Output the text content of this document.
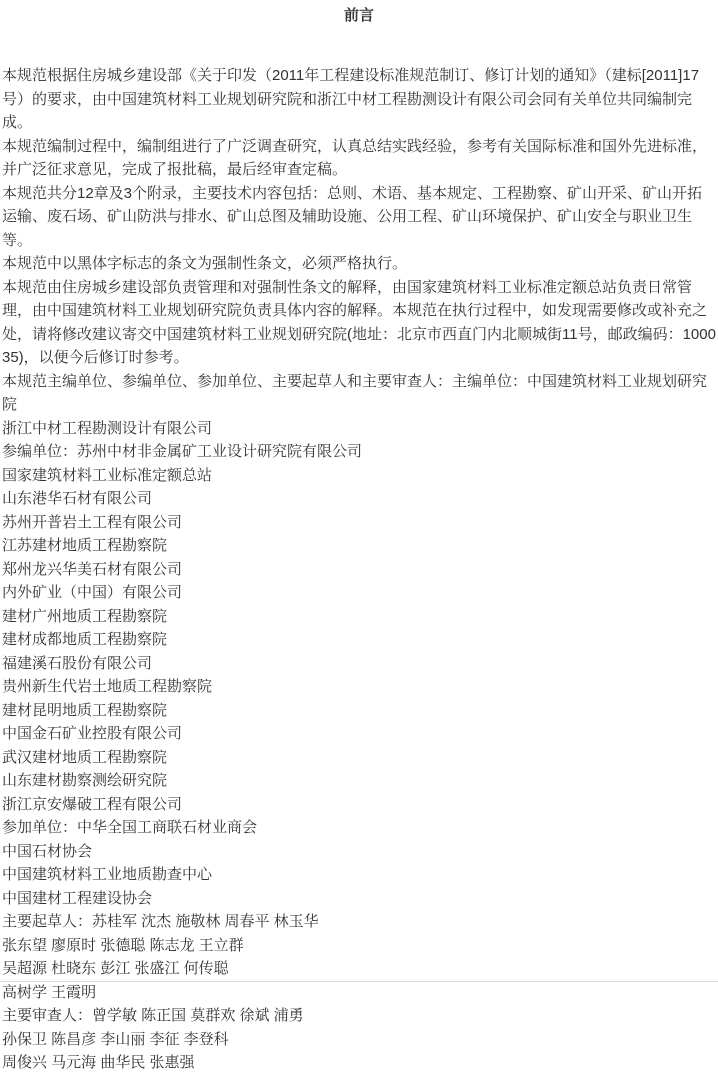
前言

本规范根据住房城乡建设部《关于印发（2011年工程建设标准规范制订、修订计划的通知》（建标[2011]17号）的要求，由中国建筑材料工业规划研究院和浙江中材工程勘测设计有限公司会同有关单位共同编制完成。

本规范编制过程中，编制组进行了广泛调查研究，认真总结实践经验，参考有关国际标准和国外先进标准，并广泛征求意见，完成了报批稿，最后经审查定稿。

本规范共分12章及3个附录，主要技术内容包括：总则、术语、基本规定、工程勘察、矿山开采、矿山开拓运输、废石场、矿山防洪与排水、矿山总图及辅助设施、公用工程、矿山环境保护、矿山安全与职业卫生等。

本规范中以黑体字标志的条文为强制性条文，必须严格执行。

本规范由住房城乡建设部负责管理和对强制性条文的解释，由国家建筑材料工业标准定额总站负责日常管理，由中国建筑材料工业规划研究院负责具体内容的解释。本规范在执行过程中，如发现需要修改或补充之处，请将修改建议寄交中国建筑材料工业规划研究院(地址：北京市西直门内北顺城街11号，邮政编码：100035)，以便今后修订时参考。

本规范主编单位、参编单位、参加单位、主要起草人和主要审查人：主编单位：中国建筑材料工业规划研究院

浙江中材工程勘测设计有限公司

参编单位：苏州中材非金属矿工业设计研究院有限公司

国家建筑材料工业标准定额总站

山东港华石材有限公司

苏州开普岩土工程有限公司

江苏建材地质工程勘察院

郑州龙兴华美石材有限公司

内外矿业（中国）有限公司

建材广州地质工程勘察院

建材成都地质工程勘察院

福建溪石股份有限公司

贵州新生代岩土地质工程勘察院

建材昆明地质工程勘察院

中国金石矿业控股有限公司

武汉建材地质工程勘察院

山东建材勘察测绘研究院

浙江京安爆破工程有限公司

参加单位：中华全国工商联石材业商会

中国石材协会

中国建筑材料工业地质勘查中心

中国建材工程建设协会

主要起草人：苏桂军 沈杰 施敬林 周春平 林玉华

张东望 廖原时 张德聪 陈志龙 王立群

吴超源 杜晓东 彭江 张盛江 何传聪

高树学 王霞明

主要审查人：曾学敏 陈正国 莫群欢 徐斌 浦勇

孙保卫 陈昌彦 李山丽 李征 李登科

周俊兴 马元海 曲华民 张惠强
